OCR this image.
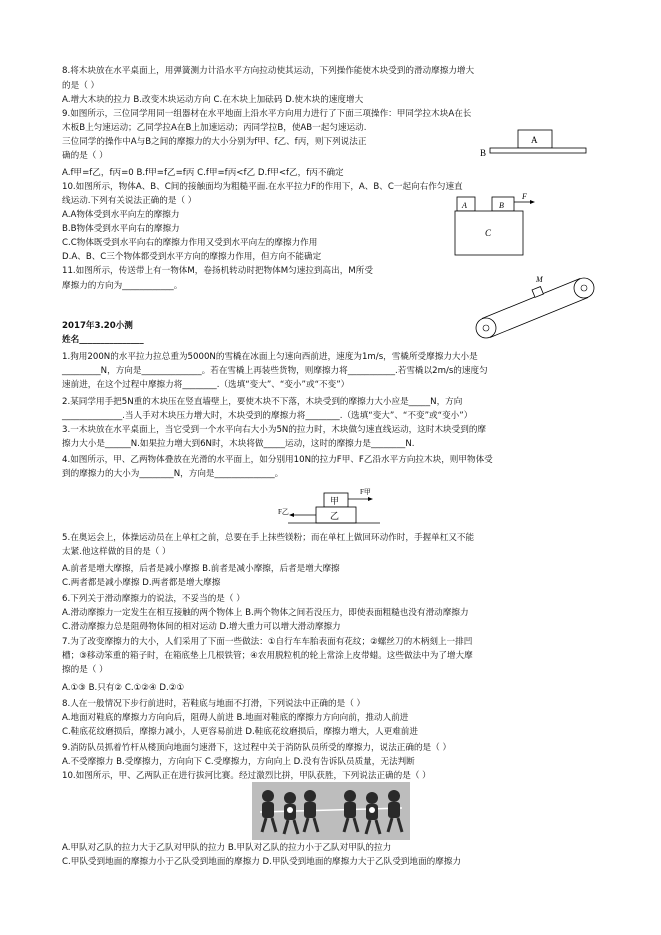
8.将木块放在水平桌面上，用弹簧测力计沿水平方向拉动使其运动，下列操作能使木块受到的滑动摩擦力增大
的是（ ）
A.增大木块的拉力 B.改变木块运动方向 C.在木块上加砝码 D.使木块的速度增大
9.如图所示，三位同学用同一组器材在水平地面上沿水平方向用力进行了下面三项操作：甲同学拉木块A在长
木板B上匀速运动；乙同学拉A在B上加速运动；丙同学拉B，使AB一起匀速运动.
三位同学的操作中A与B之间的摩擦力的大小分别为f甲、f乙、f丙，则下列说法正
确的是（ ）
A.f甲=f乙，f丙=0 B.f甲=f乙=f丙 C.f甲=f丙<f乙 D.f甲<f乙，f丙不确定
10.如图所示，物体A、B、C间的接触面均为粗糙平面.在水平拉力F的作用下，A、B、C一起向右作匀速直
线运动.下列有关说法正确的是（ ）
A.A物体受到水平向左的摩擦力
B.B物体受到水平向右的摩擦力
C.C物体既受到水平向右的摩擦力作用又受到水平向左的摩擦力作用
D.A、B、C三个物体都受到水平方向的摩擦力作用，但方向不能确定
11.如图所示，传送带上有一物体M，卷扬机转动时把物体M匀速拉到高出，M所受
摩擦力的方向为____________。
2017年3.20小测
姓名_______________
1.狗用200N的水平拉力拉总重为5000N的雪橇在冰面上匀速向西前进，速度为1m/s，雪橇所受摩擦力大小是
_________N，方向是______________。若在雪橇上再装些货物，则摩擦力将___________.若雪橇以2m/s的速度匀
速前进，在这个过程中摩擦力将________.（选填“变大”、“变小”或“不变”）
2.某同学用手把5N重的木块压在竖直墙壁上，要使木块不下落，木块受到的摩擦力大小应是_____N，方向
______________.当人手对木块压力增大时，木块受到的摩擦力将________.（选填“变大”、“不变”或“变小”）
3.一木块放在水平桌面上，当它受到一个水平向右大小为5N的拉力时，木块做匀速直线运动，这时木块受到的摩
擦力大小是______N.如果拉力增大到6N时，木块将做_____运动，这时的摩擦力是________N.
4.如图所示，甲、乙两物体叠放在光滑的水平面上，如分别用10N的拉力F甲、F乙沿水平方向拉木块，则甲物体受
到的摩擦力的大小为________N，方向是______________。
5.在奥运会上，体操运动员在上单杠之前，总要在手上抹些镁粉；而在单杠上做回环动作时，手握单杠又不能
太紧.他这样做的目的是（ ）
A.前者是增大摩擦，后者是减小摩擦 B.前者是减小摩擦，后者是增大摩擦
C.两者都是减小摩擦 D.两者都是增大摩擦
6.下列关于滑动摩擦力的说法，不妥当的是（ ）
A.滑动摩擦力一定发生在相互接触的两个物体上 B.两个物体之间若没压力，即使表面粗糙也没有滑动摩擦力
C.滑动摩擦力总是阻碍物体间的相对运动 D.增大重力可以增大滑动摩擦力
7.为了改变摩擦力的大小，人们采用了下面一些做法：①自行车车胎表面有花纹；②螺丝刀的木柄刻上一排凹
槽；③移动笨重的箱子时，在箱底垫上几根铁管；④农用脱粒机的轮上常涂上皮带蜡。这些做法中为了增大摩
擦的是（ ）
A.①③ B.只有② C.①②④ D.②①
8.人在一般情况下步行前进时，若鞋底与地面不打滑，下列说法中正确的是（ ）
A.地面对鞋底的摩擦力方向向后，阻碍人前进 B.地面对鞋底的摩擦力方向向前，推动人前进
C.鞋底花纹磨损后，摩擦力减小，人更容易前进 D.鞋底花纹磨损后，摩擦力增大，人更难前进
9.消防队员抓着竹杆从楼顶向地面匀速滑下，这过程中关于消防队员所受的摩擦力，说法正确的是（ ）
A.不受摩擦力 B.受摩擦力，方向向下 C.受摩擦力，方向向上 D.没有告诉队员质量，无法判断
10.如图所示，甲、乙两队正在进行拔河比赛。经过激烈比拼，甲队获胜，下列说法正确的是（ ）
A.甲队对乙队的拉力大于乙队对甲队的拉力 B.甲队对乙队的拉力小于乙队对甲队的拉力
C.甲队受到地面的摩擦力小于乙队受到地面的摩擦力 D.甲队受到地面的摩擦力大于乙队受到地面的摩擦力
A
B
A	B
F
C
M
甲
F甲
乙
F乙
